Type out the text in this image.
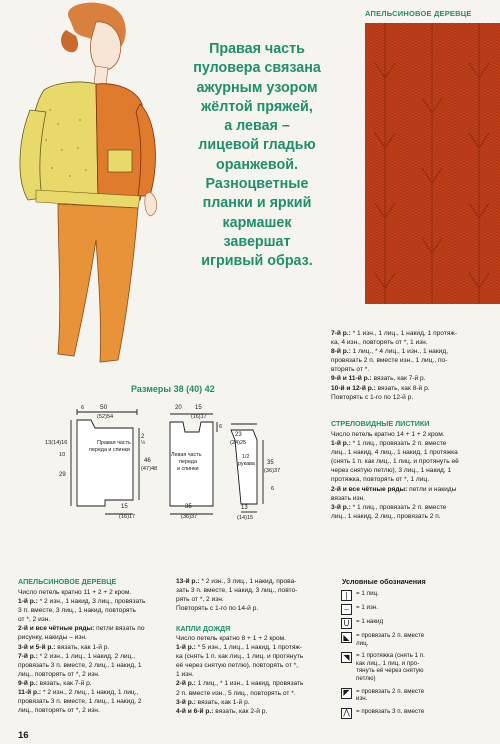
Правая часть
пуловера связана
ажурным узором
жёлтой пряжей,
а левая –
лицевой гладью
оранжевой.
Разноцветные
планки и яркий
кармашек
завершат
игривый образ.
АПЕЛЬСИНОВОЕ ДЕРЕВЦЕ
7-й р.: * 1 изн., 1 лиц., 1 накид, 1 протяж-
ка, 4 изн., повторять от *, 1 изн.
8-й р.: 1 лиц., * 4 лиц., 1 изн., 1 накид,
провязать 2 п. вместе изн., 1 лиц., по-
вторять от *.
9-й и 11-й р.: вязать, как 7-й р.
10-й и 12-й р.: вязать, как 8-й р.
Повторять с 1-го по 12-й р.
СТРЕЛОВИДНЫЕ ЛИСТИКИ
Число петель кратно 14 + 1 + 2 кром.
1-й р.: * 1 лиц., провязать 2 п. вместе
лиц., 1 накид, 4 лиц., 1 накид, 1 протяжка
(снять 1 п. как лиц., 1 лиц. и протянуть её
через снятую петлю), 3 лиц., 1 накид, 1
протяжка, повторять от *, 1 лиц.
2-й и все чётные ряды: петли и накиды
вязать изн.
3-й р.: * 1 лиц., провязать 2 п. вместе
лиц., 1 накид, 2 лиц., провязать 2 п.
Размеры 38 (40) 42
50
(52)54
6
13(14)16
10
29
2
½
46
(47)48
15
(16)17
Правая часть
переда и спинки
20 15
(16)17
6
Левая часть
переда
и спинки
35
(36)37
23
(24)25
1/2
рукава 35
(36)37
6
13
(14)15
АПЕЛЬСИНОВОЕ ДЕРЕВЦЕ
Число петель кратно 11 + 2 + 2 кром.
1-й р.: * 2 изн., 1 накид, 3 лиц., провязать
3 п. вместе, 3 лиц., 1 накид, повторять
от *, 2 изн.
2-й и все чётные ряды: петли вязать по
рисунку, накиды – изн.
3-й и 5-й р.: вязать, как 1-й р.
7-й р.: * 2 изн., 1 лиц., 1 накид, 2 лиц.,
провязать 3 п. вместе, 2 лиц., 1 накид, 1
лиц., повторять от *, 2 изн.
9-й р.: вязать, как 7-й р.
11-й р.: * 2 изн., 2 лиц., 1 накид, 1 лиц.,
провязать 3 п. вместе, 1 лиц., 1 накид, 2
лиц., повторять от *, 2 изн.
13-й р.: * 2 изн., 3 лиц., 1 накид, прова-
зать 3 п. вместе, 1 накид, 3 лиц., повто-
рять от *, 2 изн.
Повторять с 1-го по 14-й р.
КАПЛИ ДОЖДЯ
Число петель кратно 8 + 1 + 2 кром.
1-й р.: * 5 изн., 1 лиц., 1 накид, 1 протяж-
ка (снять 1 п. как лиц., 1 лиц. и протянуть
её через снятую петлю), повторять от *,
1 изн.
2-й р.: 1 лиц., * 1 изн., 1 накид, провязать
2 п. вместе изн., 5 лиц., повторять от *.
3-й р.: вязать, как 1-й р.
4-й и 6-й р.: вязать, как 2-й р.
Условные обозначения
|	= 1 лиц.
–	= 1 изн.
U	= 1 накид
◣	= провязать 2 п. вместе
лиц.
◥	= 1 протяжка (снять 1 п.
как лиц., 1 лиц. и про-
тянуть её через снятую
петлю)
◤	= провязать 2 п. вместе
изн.
⋀	= провязать 3 п. вместе
16
